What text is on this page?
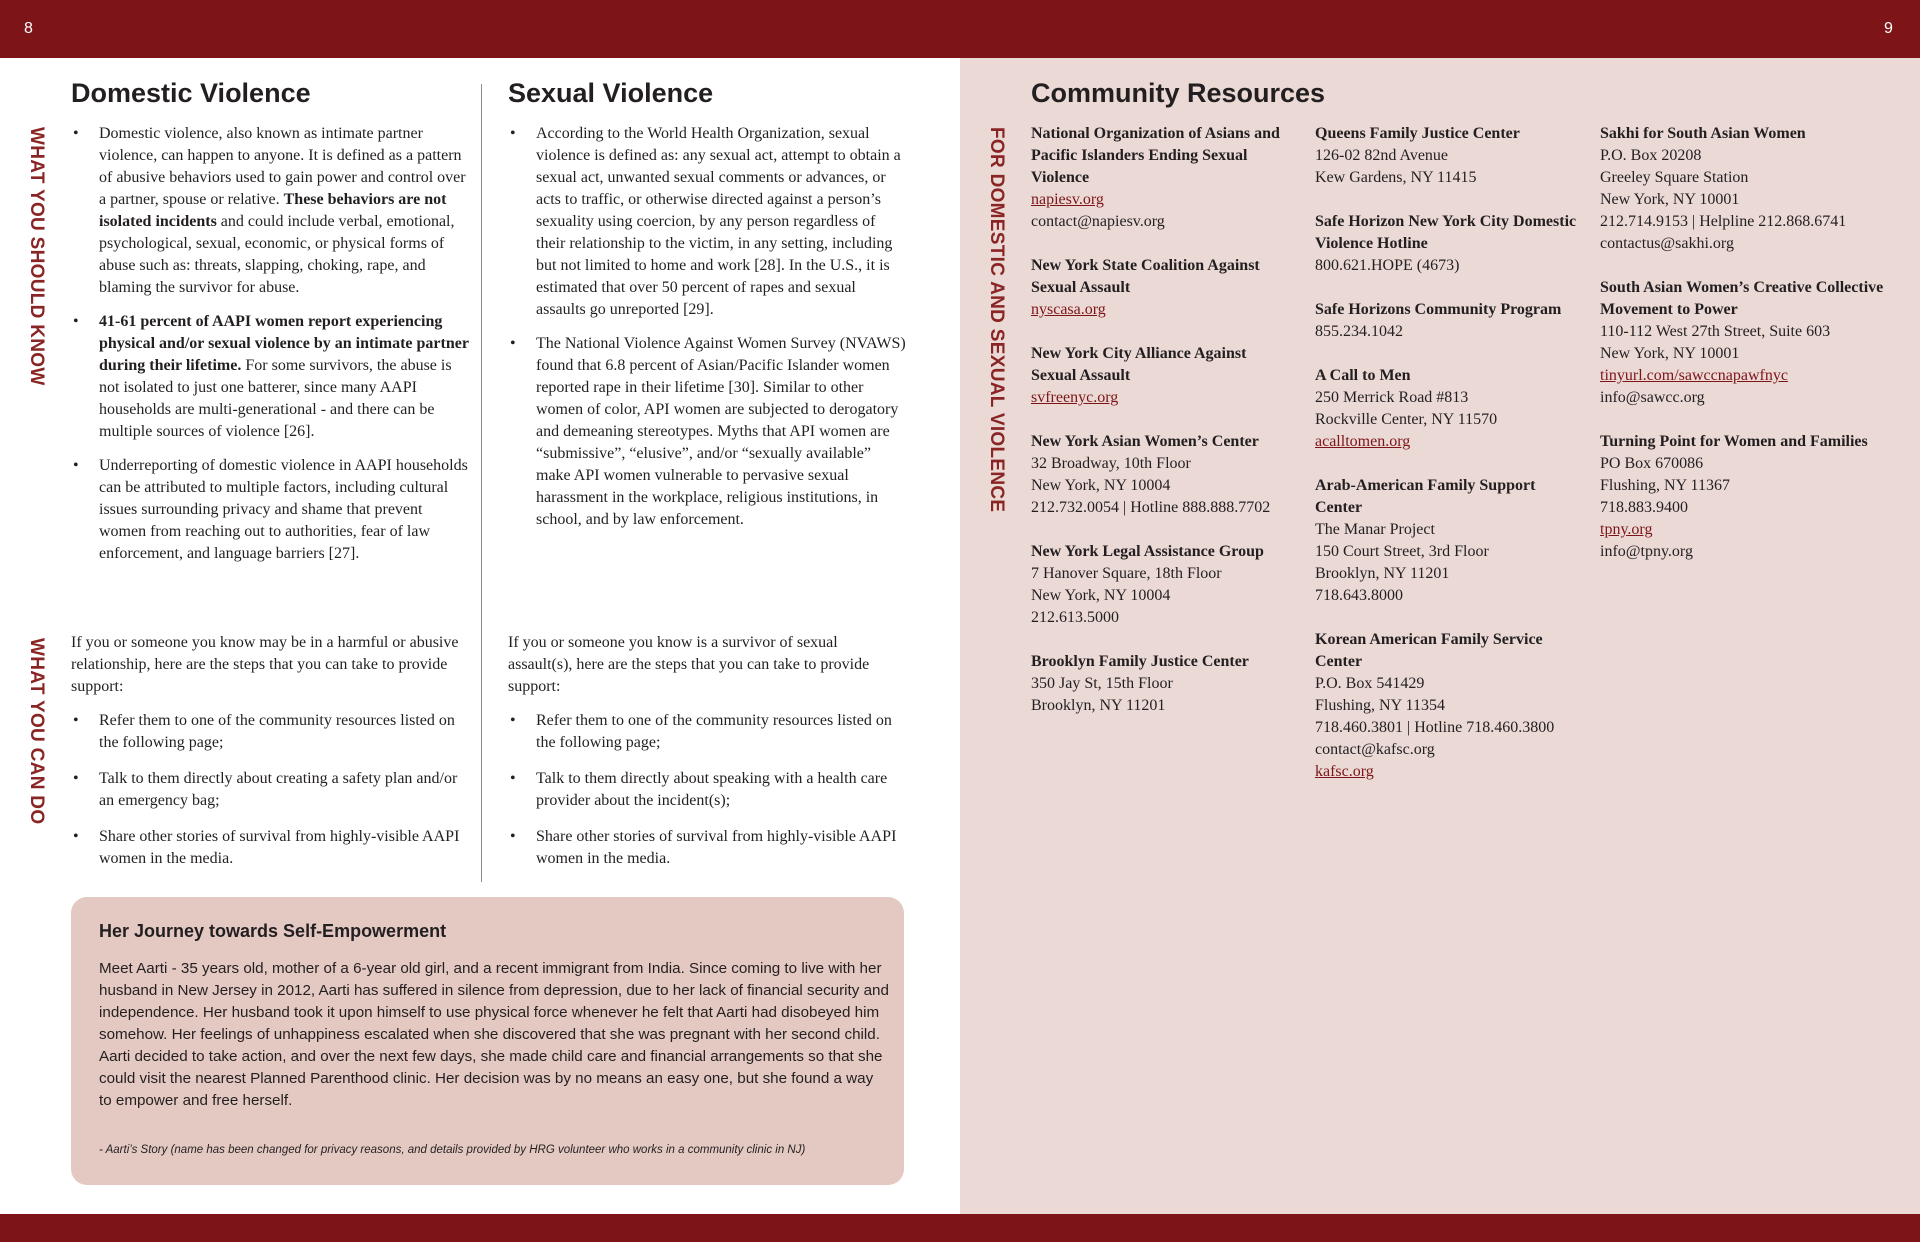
8	9
WHAT YOU SHOULD KNOW
WHAT YOU CAN DO
FOR DOMESTIC AND SEXUAL VIOLENCE
Domestic Violence	Sexual Violence	Community Resources
• Domestic violence, also known as intimate partner violence, can happen to anyone. It is defined as a pattern of abusive behaviors used to gain power and control over a partner, spouse or relative. These behaviors are not isolated incidents and could include verbal, emotional, psychological, sexual, economic, or physical forms of abuse such as: threats, slapping, choking, rape, and blaming the survivor for abuse.
• 41-61 percent of AAPI women report experiencing physical and/or sexual violence by an intimate partner during their lifetime. For some survivors, the abuse is not isolated to just one batterer, since many AAPI households are multi-generational - and there can be multiple sources of violence [26].
• Underreporting of domestic violence in AAPI households can be attributed to multiple factors, including cultural issues surrounding privacy and shame that prevent women from reaching out to authorities, fear of law enforcement, and language barriers [27].

If you or someone you know may be in a harmful or abusive relationship, here are the steps that you can take to provide support:

• Refer them to one of the community resources listed on the following page;
• Talk to them directly about creating a safety plan and/or an emergency bag;
• Share other stories of survival from highly-visible AAPI women in the media.
• According to the World Health Organization, sexual violence is defined as: any sexual act, attempt to obtain a sexual act, unwanted sexual comments or advances, or acts to traffic, or otherwise directed against a person’s sexuality using coercion, by any person regardless of their relationship to the victim, in any setting, including but not limited to home and work [28]. In the U.S., it is estimated that over 50 percent of rapes and sexual assaults go unreported [29].
• The National Violence Against Women Survey (NVAWS) found that 6.8 percent of Asian/Pacific Islander women reported rape in their lifetime [30]. Similar to other women of color, API women are subjected to derogatory and demeaning stereotypes. Myths that API women are “submissive”, “elusive”, and/or “sexually available” make API women vulnerable to pervasive sexual harassment in the workplace, religious institutions, in school, and by law enforcement.

If you or someone you know is a survivor of sexual assault(s), here are the steps that you can take to provide support:

• Refer them to one of the community resources listed on the following page;
• Talk to them directly about speaking with a health care provider about the incident(s);
• Share other stories of survival from highly-visible AAPI women in the media.
Her Journey towards Self-Empowerment
Meet Aarti - 35 years old, mother of a 6-year old girl, and a recent immigrant from India. Since coming to live with her husband in New Jersey in 2012, Aarti has suffered in silence from depression, due to her lack of financial security and independence. Her husband took it upon himself to use physical force whenever he felt that Aarti had disobeyed him somehow. Her feelings of unhappiness escalated when she discovered that she was pregnant with her second child. Aarti decided to take action, and over the next few days, she made child care and financial arrangements so that she could visit the nearest Planned Parenthood clinic. Her decision was by no means an easy one, but she found a way to empower and free herself.
- Aarti’s Story (name has been changed for privacy reasons, and details provided by HRG volunteer who works in a community clinic in NJ)
National Organization of Asians and Pacific Islanders Ending Sexual Violence
napiesv.org
contact@napiesv.org
New York State Coalition Against Sexual Assault
nyscasa.org
New York City Alliance Against Sexual Assault
svfreenyc.org
New York Asian Women’s Center
32 Broadway, 10th Floor
New York, NY 10004
212.732.0054 | Hotline 888.888.7702
New York Legal Assistance Group
7 Hanover Square, 18th Floor
New York, NY 10004
212.613.5000
Brooklyn Family Justice Center
350 Jay St, 15th Floor
Brooklyn, NY 11201
Queens Family Justice Center
126-02 82nd Avenue
Kew Gardens, NY 11415
Safe Horizon New York City Domestic Violence Hotline
800.621.HOPE (4673)
Safe Horizons Community Program
855.234.1042
A Call to Men
250 Merrick Road #813
Rockville Center, NY 11570
acalltomen.org
Arab-American Family Support Center
The Manar Project
150 Court Street, 3rd Floor
Brooklyn, NY 11201
718.643.8000
Korean American Family Service Center
P.O. Box 541429
Flushing, NY 11354
718.460.3801 | Hotline 718.460.3800
contact@kafsc.org
kafsc.org
Sakhi for South Asian Women
P.O. Box 20208
Greeley Square Station
New York, NY 10001
212.714.9153 | Helpline 212.868.6741
contactus@sakhi.org
South Asian Women’s Creative Collective Movement to Power
110-112 West 27th Street, Suite 603
New York, NY 10001
tinyurl.com/sawccnapawfnyc
info@sawcc.org
Turning Point for Women and Families
PO Box 670086
Flushing, NY 11367
718.883.9400
tpny.org
info@tpny.org
